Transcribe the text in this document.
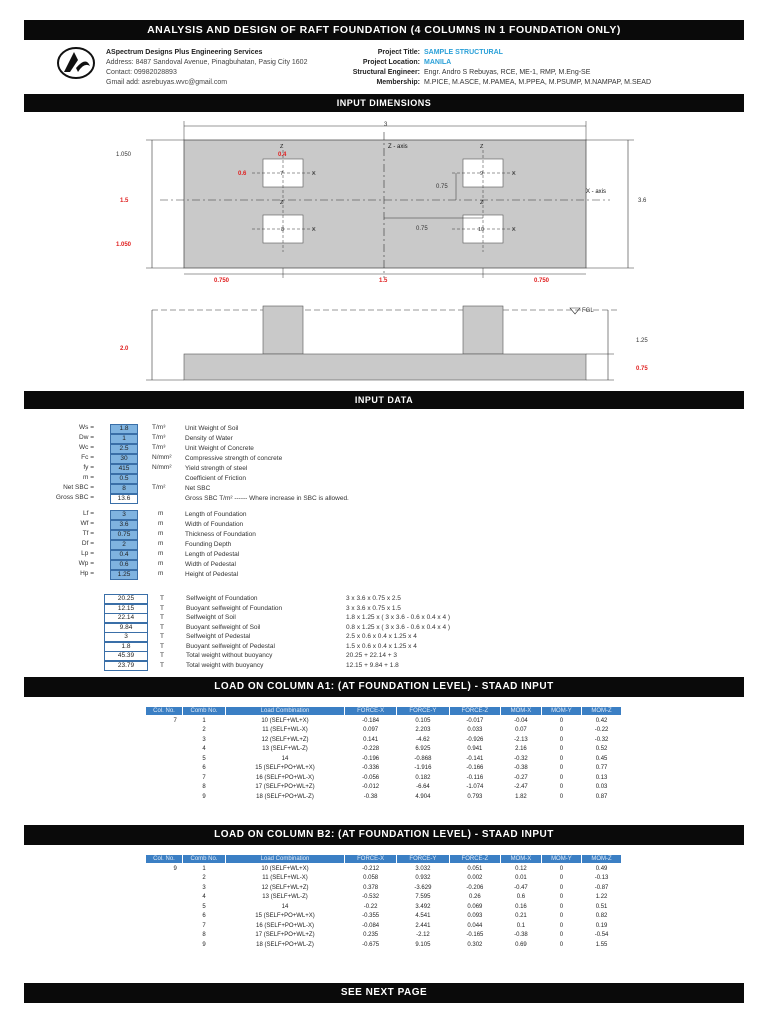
ANALYSIS AND DESIGN OF RAFT FOUNDATION (4 COLUMNS IN 1 FOUNDATION ONLY)
ASpectrum Designs Plus Engineering Services
Address: 8487 Sandoval Avenue, Pinagbuhatan, Pasig City 1602
Contact: 09982028893
Gmail add: asrebuyas.wvc@gmail.com
Project Title: SAMPLE STRUCTURAL
Project Location: MANILA
Structural Engineer: Engr. Andro S Rebuyas, RCE, ME-1, RMP, M.Eng-SE
Membership: M.PICE, M.ASCE, M.PAMEA, M.PPEA, M.PSUMP, M.NAMPAP, M.SEAD
INPUT DIMENSIONS
3
1.050
1.5
1.050
3.6
Z - axis
X - axis
7	9
8	10
Z	Z
Z	Z
X	X
X	X
0.4
0.6
0.75
0.75
0.750	1.5	0.750
2.0
FGL
1.25
0.75
INPUT DATA
Ws =	1.8	T/m³	Unit Weight of Soil
Dw =	1	T/m³	Density of Water
Wc =	2.5	T/m³	Unit Weight of Concrete
Fc =	30	N/mm² Compressive strength of concrete
fy =	415	N/mm² Yield strength of steel
m =	0.5	Coefficient of Friction
Net SBC =	8	T/m²	Net SBC
Gross SBC =	13.6	Gross SBC T/m² ------ Where increase in SBC is allowed.
Lf =	3	m	Length of Foundation
Wf =	3.6	m	Width of Foundation
Tf =	0.75	m	Thickness of Foundation
Df =	2	m	Founding Depth
Lp =	0.4	m	Length of Pedestal
Wp =	0.6	m	Width of Pedestal
Hp =	1.25	m	Height of Pedestal
20.25	T	Selfweight of Foundation	3 x 3.6 x 0.75 x 2.5
12.15	T	Buoyant selfweight of Foundation	3 x 3.6 x 0.75 x 1.5
22.14	T	Selfweight of Soil	1.8 x 1.25 x ( 3 x 3.6 - 0.6 x 0.4 x 4 )
9.84	T	Buoyant selfweight of Soil	0.8 x 1.25 x ( 3 x 3.6 - 0.6 x 0.4 x 4 )
3	T	Selfweight of Pedestal	2.5 x 0.6 x 0.4 x 1.25 x 4
1.8	T	Buoyant selfweight of Pedestal	1.5 x 0.6 x 0.4 x 1.25 x 4
45.39	T	Total weight without buoyancy	20.25 + 22.14 + 3
23.79	T	Total weight with buoyancy	12.15 + 9.84 + 1.8
LOAD ON COLUMN A1: (AT FOUNDATION LEVEL) - STAAD INPUT
Col. No.	Comb No.	Load Combination	FORCE-X	FORCE-Y	FORCE-Z	MOM-X	MOM-Y	MOM-Z
7	1	10 (SELF+WL+X)	-0.184	0.105	-0.017	-0.04	0	0.42
	2	11 (SELF+WL-X)	0.097	2.203	0.033	0.07	0	-0.22
	3	12 (SELF+WL+Z)	0.141	-4.62	-0.926	-2.13	0	-0.32
	4	13 (SELF+WL-Z)	-0.228	6.925	0.941	2.16	0	0.52
	5	14	-0.196	-0.868	-0.141	-0.32	0	0.45
	6	15 (SELF+PO+WL+X)	-0.336	-1.916	-0.166	-0.38	0	0.77
	7	16 (SELF+PO+WL-X)	-0.056	0.182	-0.116	-0.27	0	0.13
	8	17 (SELF+PO+WL+Z)	-0.012	-6.64	-1.074	-2.47	0	0.03
	9	18 (SELF+PO+WL-Z)	-0.38	4.904	0.793	1.82	0	0.87
LOAD ON COLUMN B2: (AT FOUNDATION LEVEL) - STAAD INPUT
Col. No.	Comb No.	Load Combination	FORCE-X	FORCE-Y	FORCE-Z	MOM-X	MOM-Y	MOM-Z
9	1	10 (SELF+WL+X)	-0.212	3.032	0.051	0.12	0	0.49
	2	11 (SELF+WL-X)	0.058	0.932	0.002	0.01	0	-0.13
	3	12 (SELF+WL+Z)	0.378	-3.629	-0.206	-0.47	0	-0.87
	4	13 (SELF+WL-Z)	-0.532	7.595	0.26	0.6	0	1.22
	5	14	-0.22	3.492	0.069	0.16	0	0.51
	6	15 (SELF+PO+WL+X)	-0.355	4.541	0.093	0.21	0	0.82
	7	16 (SELF+PO+WL-X)	-0.084	2.441	0.044	0.1	0	0.19
	8	17 (SELF+PO+WL+Z)	0.235	-2.12	-0.165	-0.38	0	-0.54
	9	18 (SELF+PO+WL-Z)	-0.675	9.105	0.302	0.69	0	1.55
SEE NEXT PAGE
